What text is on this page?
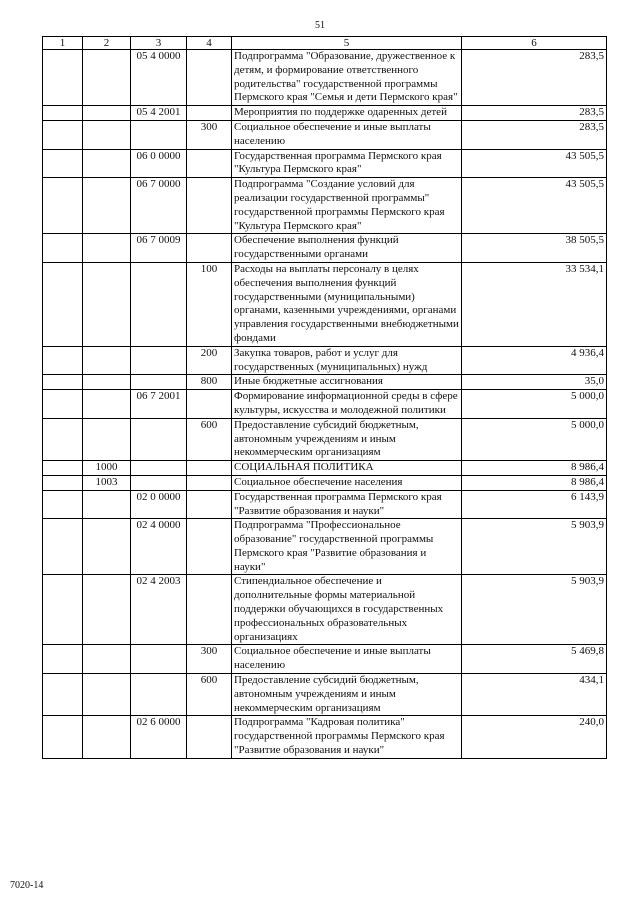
51
1	2	3	4	5	6
		05 4 0000		Подпрограмма "Образование, дружественное к детям, и формирование ответственного родительства" государственной программы Пермского края "Семья и дети Пермского края"	283,5
		05 4 2001		Мероприятия по поддержке одаренных детей	283,5
			300	Социальное обеспечение и иные выплаты населению	283,5
		06 0 0000		Государственная программа Пермского края "Культура Пермского края"	43 505,5
		06 7 0000		Подпрограмма "Создание условий для реализации государственной программы" государственной программы Пермского края "Культура Пермского края"	43 505,5
		06 7 0009		Обеспечение выполнения функций государственными органами	38 505,5
			100	Расходы на выплаты персоналу в целях обеспечения выполнения функций государственными (муниципальными) органами, казенными учреждениями, органами управления государственными внебюджетными фондами	33 534,1
			200	Закупка товаров, работ и услуг для государственных (муниципальных) нужд	4 936,4
			800	Иные бюджетные ассигнования	35,0
		06 7 2001		Формирование информационной среды в сфере культуры, искусства и молодежной политики	5 000,0
			600	Предоставление субсидий бюджетным, автономным учреждениям и иным некоммерческим организациям	5 000,0
	1000			СОЦИАЛЬНАЯ ПОЛИТИКА	8 986,4
	1003			Социальное обеспечение населения	8 986,4
		02 0 0000		Государственная программа Пермского края "Развитие образования и науки"	6 143,9
		02 4 0000		Подпрограмма "Профессиональное образование" государственной программы Пермского края "Развитие образования и науки"	5 903,9
		02 4 2003		Стипендиальное обеспечение и дополнительные формы материальной поддержки обучающихся в государственных профессиональных образовательных организациях	5 903,9
			300	Социальное обеспечение и иные выплаты населению	5 469,8
			600	Предоставление субсидий бюджетным, автономным учреждениям и иным некоммерческим организациям	434,1
		02 6 0000		Подпрограмма "Кадровая политика" государственной программы Пермского края "Развитие образования и науки"	240,0
7020-14
